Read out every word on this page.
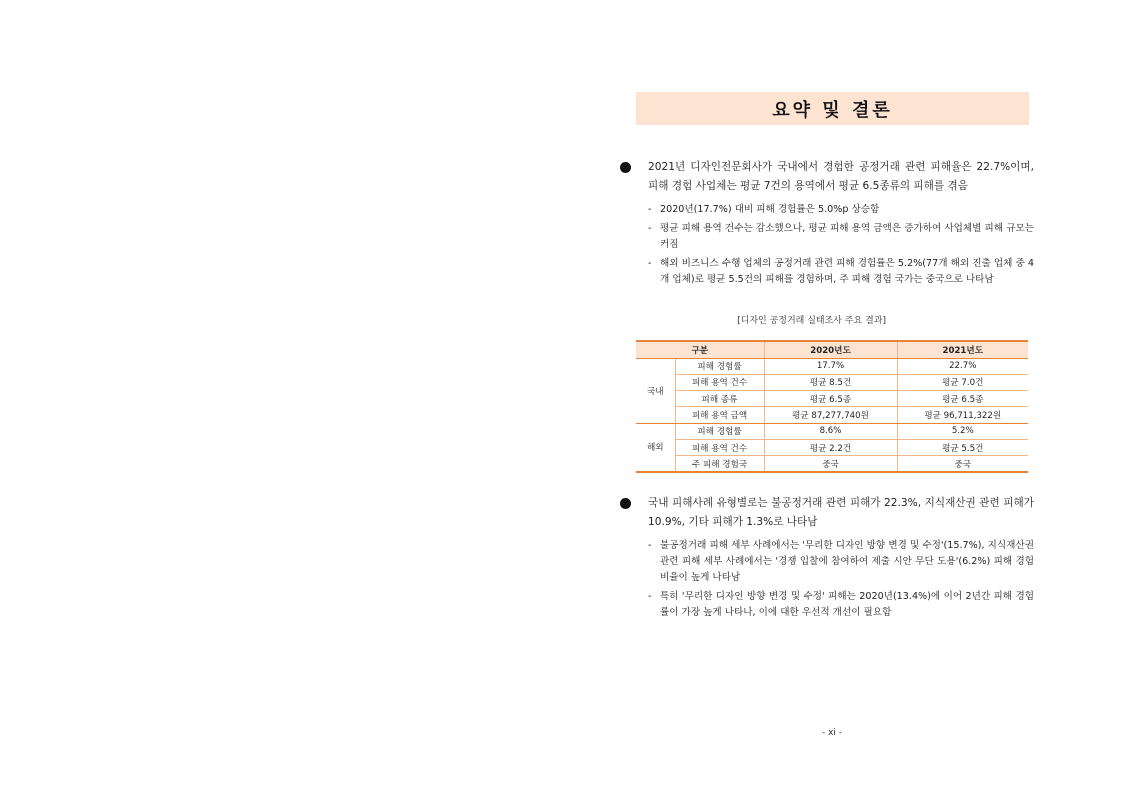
요약 및 결론
2021년 디자인전문회사가 국내에서 경험한 공정거래 관련 피해율은 22.7%이며, 피해 경험 사업체는 평균 7건의 용역에서 평균 6.5종류의 피해를 겪음
- 2020년(17.7%) 대비 피해 경험률은 5.0%p 상승함
- 평균 피해 용역 건수는 감소했으나, 평균 피해 용역 금액은 증가하여 사업체별 피해 규모는 커짐
- 해외 비즈니스 수행 업체의 공정거래 관련 피해 경험률은 5.2%(77개 해외 진출 업체 중 4개 업체)로 평균 5.5건의 피해를 경험하며, 주 피해 경험 국가는 중국으로 나타남
[디자인 공정거래 실태조사 주요 결과]
구분		2020년도	2021년도
국내	피해 경험률	17.7%	22.7%
	피해 용역 건수	평균 8.5건	평균 7.0건
	피해 종류	평균 6.5종	평균 6.5종
	피해 용역 금액	평균 87,277,740원	평균 96,711,322원
해외	피해 경험률	8.6%	5.2%
	피해 용역 건수	평균 2.2건	평균 5.5건
	주 피해 경험국	중국	중국
국내 피해사례 유형별로는 불공정거래 관련 피해가 22.3%, 지식재산권 관련 피해가 10.9%, 기타 피해가 1.3%로 나타남
- 불공정거래 피해 세부 사례에서는 '무리한 디자인 방향 변경 및 수정'(15.7%), 지식재산권 관련 피해 세부 사례에서는 '경쟁 입찰에 참여하여 제출 시안 무단 도용'(6.2%) 피해 경험 비율이 높게 나타남
- 특히 '무리한 디자인 방향 변경 및 수정' 피해는 2020년(13.4%)에 이어 2년간 피해 경험률이 가장 높게 나타나, 이에 대한 우선적 개선이 필요함
- xi -
